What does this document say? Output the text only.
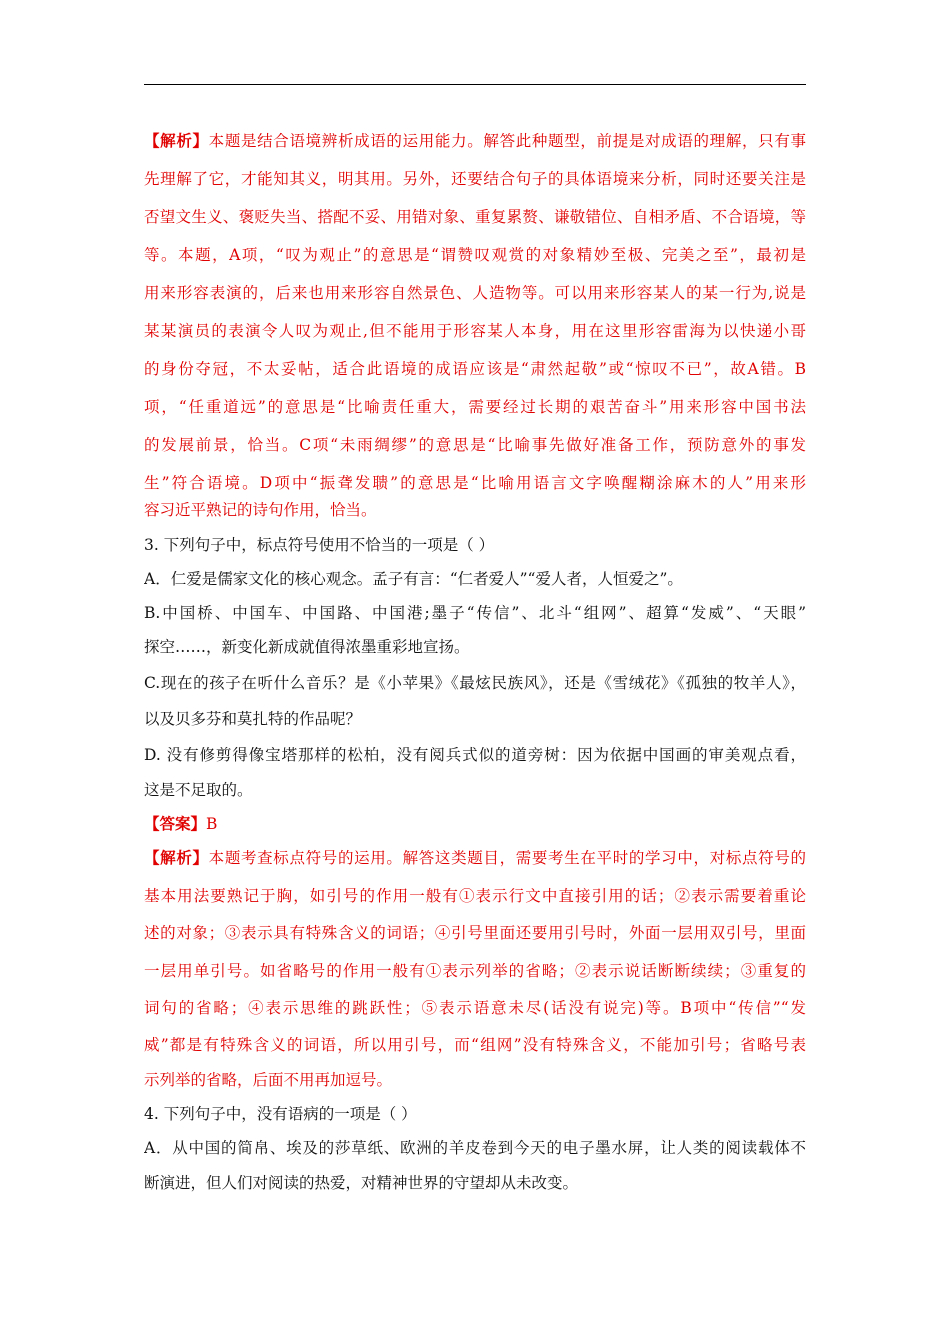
【解析】本题是结合语境辨析成语的运用能力。解答此种题型，前提是对成语的理解，只有事
先理解了它，才能知其义，明其用。另外，还要结合句子的具体语境来分析，同时还要关注是
否望文生义、褒贬失当、搭配不妥、用错对象、重复累赘、谦敬错位、自相矛盾、不合语境，等
等。本题，A项，“叹为观止”的意思是“谓赞叹观赏的对象精妙至极、完美之至”，最初是
用来形容表演的，后来也用来形容自然景色、人造物等。可以用来形容某人的某一行为,说是
某某演员的表演令人叹为观止,但不能用于形容某人本身，用在这里形容雷海为以快递小哥
的身份夺冠，不太妥帖，适合此语境的成语应该是“肃然起敬”或“惊叹不已”，故A错。B
项，“任重道远”的意思是“比喻责任重大，需要经过长期的艰苦奋斗”用来形容中国书法
的发展前景，恰当。C项“未雨绸缪”的意思是“比喻事先做好准备工作，预防意外的事发
生”符合语境。D项中“振聋发聩”的意思是“比喻用语言文字唤醒糊涂麻木的人”用来形
容习近平熟记的诗句作用，恰当。
3. 下列句子中，标点符号使用不恰当的一项是（ ）
A．仁爱是儒家文化的核心观念。孟子有言：“仁者爱人”“爱人者，人恒爱之”。
B.中国桥、中国车、中国路、中国港;墨子“传信”、北斗“组网”、超算“发威”、“天眼”
探空……，新变化新成就值得浓墨重彩地宣扬。
C.现在的孩子在听什么音乐？是《小苹果》《最炫民族风》，还是《雪绒花》《孤独的牧羊人》，
以及贝多芬和莫扎特的作品呢？
D. 没有修剪得像宝塔那样的松柏，没有阅兵式似的道旁树：因为依据中国画的审美观点看，
这是不足取的。
【答案】B
【解析】本题考查标点符号的运用。解答这类题目，需要考生在平时的学习中，对标点符号的
基本用法要熟记于胸，如引号的作用一般有①表示行文中直接引用的话；②表示需要着重论
述的对象；③表示具有特殊含义的词语；④引号里面还要用引号时，外面一层用双引号，里面
一层用单引号。如省略号的作用一般有①表示列举的省略；②表示说话断断续续；③重复的
词句的省略；④表示思维的跳跃性；⑤表示语意未尽(话没有说完)等。B项中“传信”“发
威”都是有特殊含义的词语，所以用引号，而“组网”没有特殊含义，不能加引号；省略号表
示列举的省略，后面不用再加逗号。
4. 下列句子中，没有语病的一项是（ ）
A．从中国的简帛、埃及的莎草纸、欧洲的羊皮卷到今天的电子墨水屏，让人类的阅读载体不
断演进，但人们对阅读的热爱，对精神世界的守望却从未改变。
